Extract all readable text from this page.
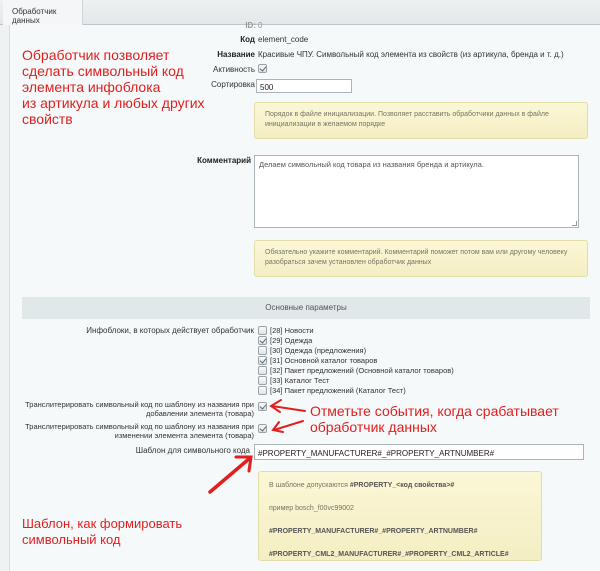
Обработчик данных
ID: 0
Код element_code
Название Красивые ЧПУ. Символьный код элемента из свойств (из артикула, бренда и т. д.)
Активность
Сортировка 500
Порядок в файле инициализации. Позволяет расставить обработчики данных в файле инициализации в желаемом порядке
Комментарий	Делаем символьный код товара из названия бренда и артикула.
Обязательно укажите комментарий. Комментарий поможет потом вам или другому человеку разобраться зачем установлен обработчик данных
Основные параметры
Инфоблоки, в которых действует обработчик [28] Новости
[29] Одежда
[30] Одежда (предложения)
[31] Основной каталог товаров
[32] Пакет предложений (Основной каталог товаров)
[33] Каталог Тест
[34] Пакет предложений (Каталог Тест)
Транслитерировать символьный код по шаблону из названия при
добавлении элемента (товара)
Транслитерировать символьный код по шаблону из названия при
изменении элемента элемента (товара)
Шаблон для символьного кода	#PROPERTY_MANUFACTURER#_#PROPERTY_ARTNUMBER#

В шаблоне допускаются #PROPERTY_<код свойства>#

пример bosch_f00vc99002

#PROPERTY_MANUFACTURER#_#PROPERTY_ARTNUMBER#

#PROPERTY_CML2_MANUFACTURER#_#PROPERTY_CML2_ARTICLE#

Обработчик позволяет
сделать символьный код
элемента инфоблока
из артикула и любых других
свойств
Отметьте события, когда срабатывает
обработчик данных
Шаблон, как формировать
символьный код
